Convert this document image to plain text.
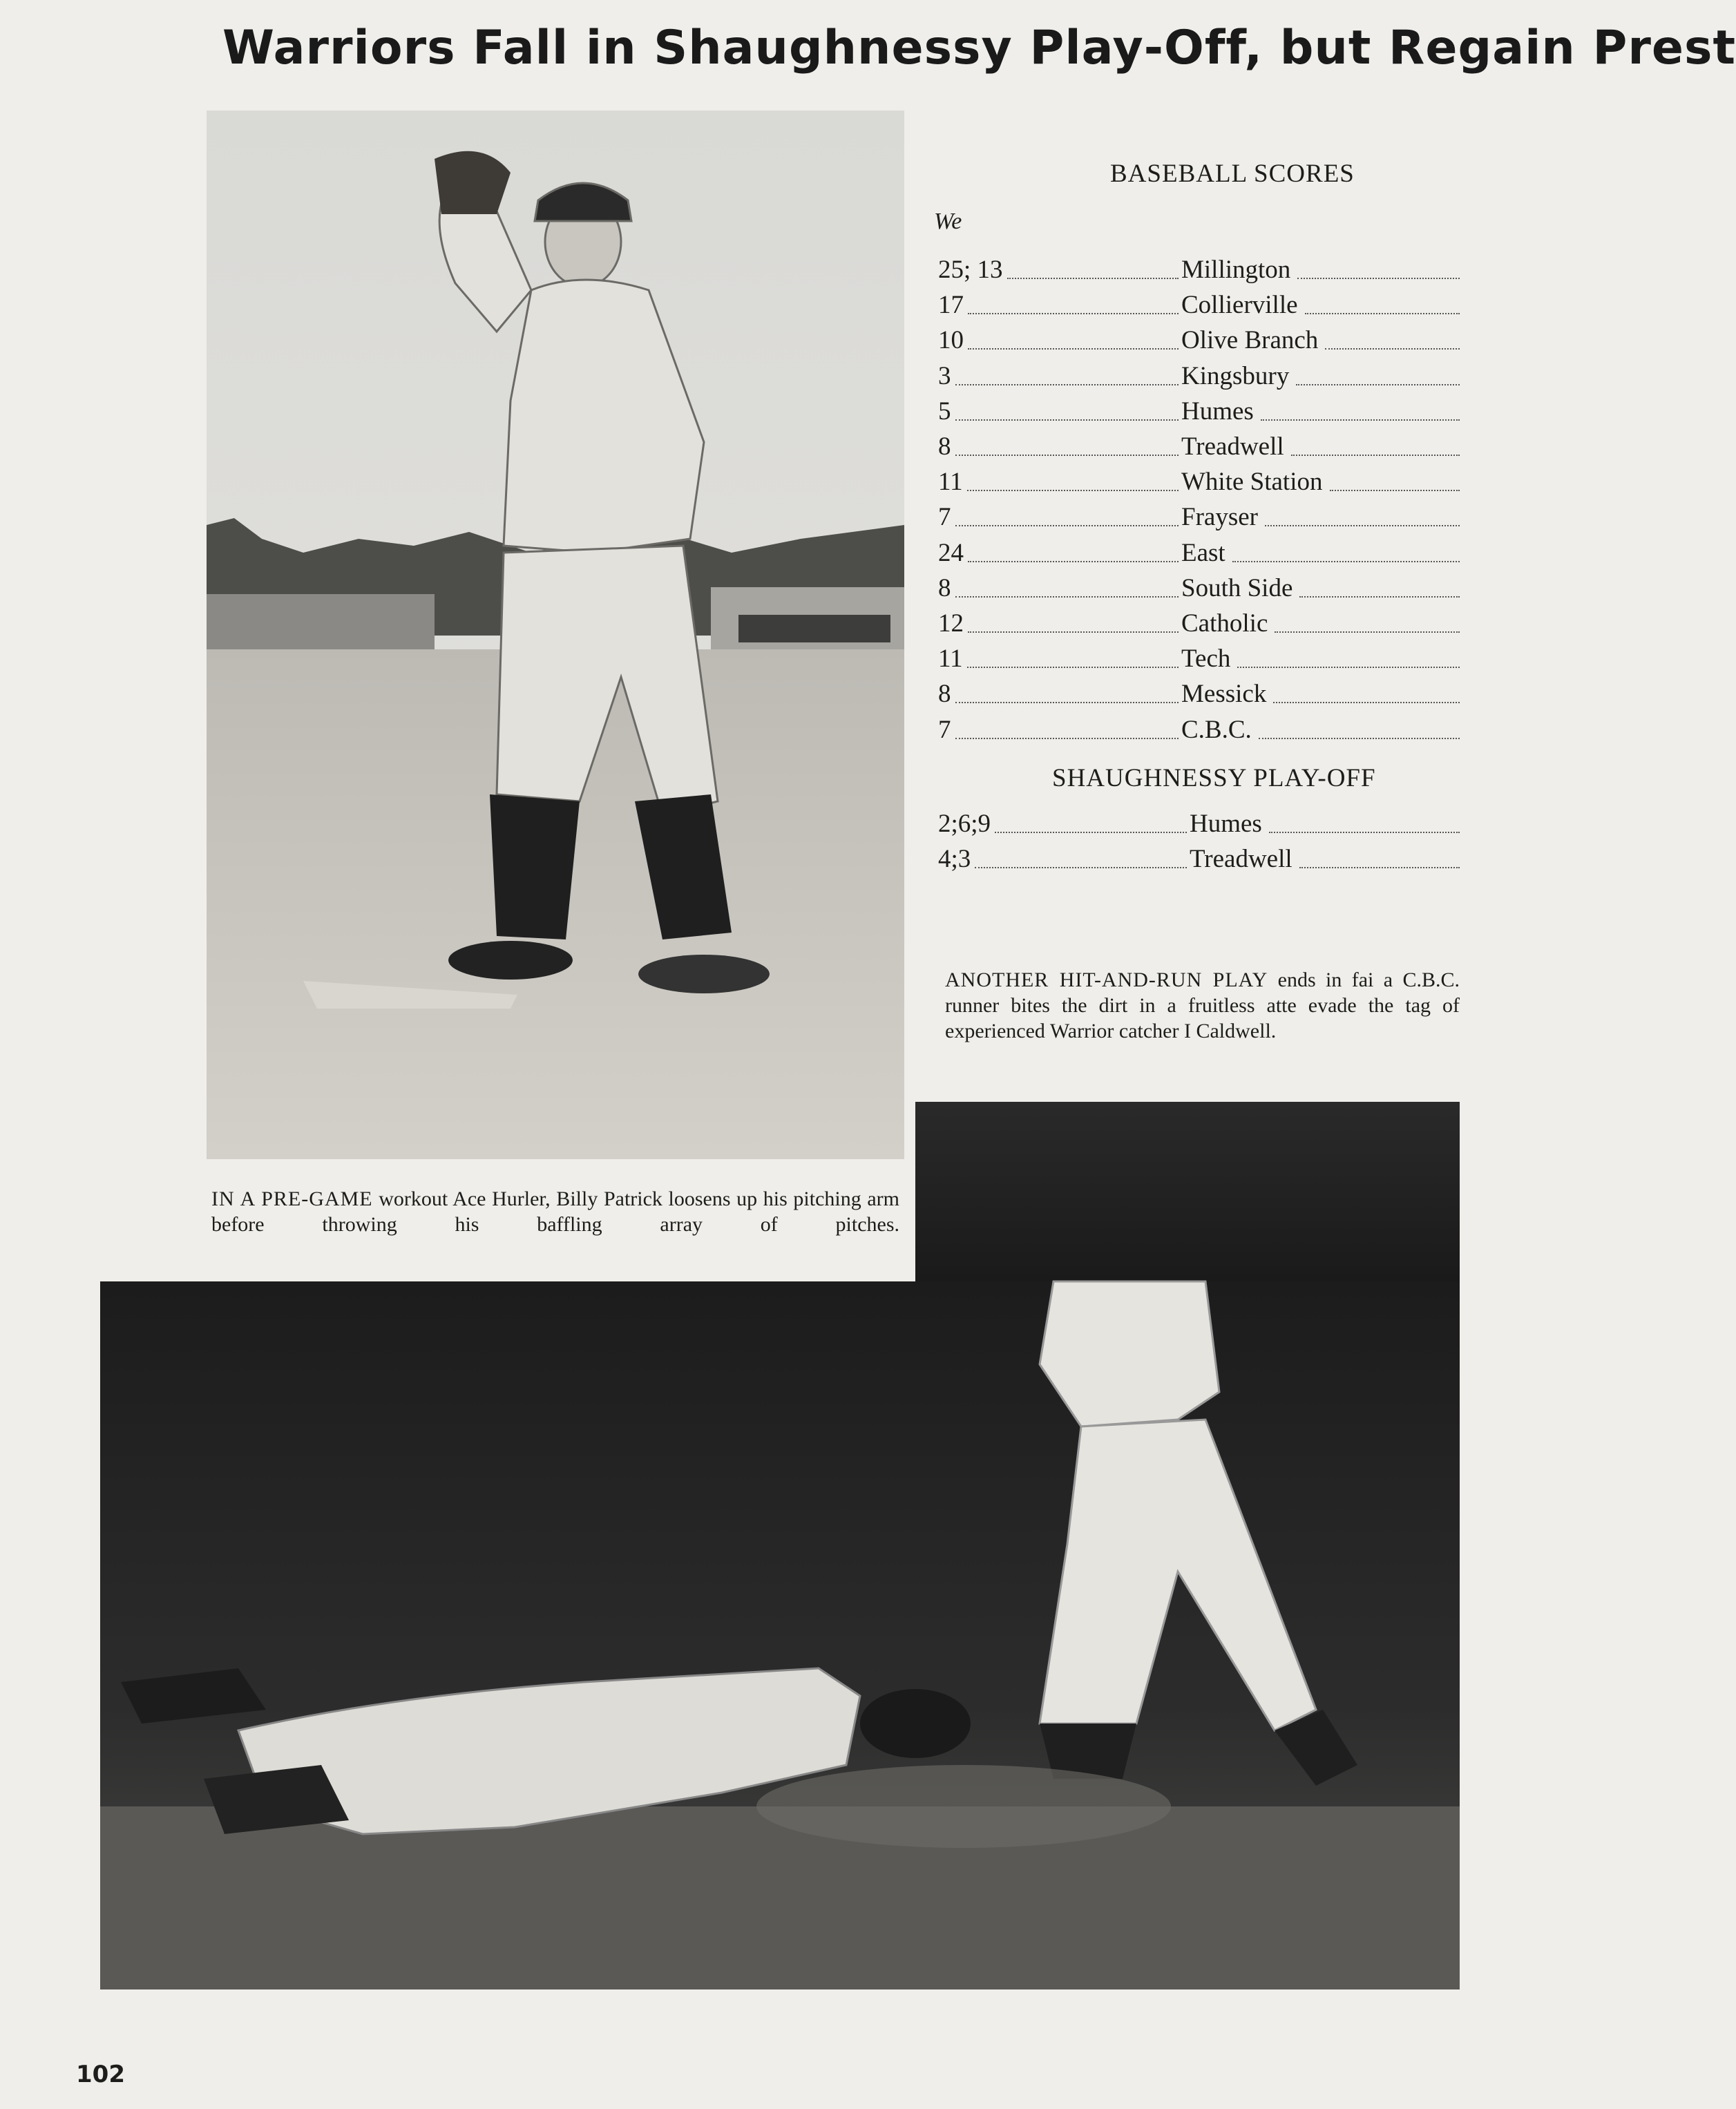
Warriors Fall in Shaughnessy Play-Off, but Regain Prest
IN A PRE-GAME workout Ace Hurler, Billy Patrick loosens up his pitching arm before throwing his baffling array of pitches.
BASEBALL SCORES
We
25; 13	Millington
17	Collierville
10	Olive Branch
3	Kingsbury
5	Humes
8	Treadwell
11	White Station
7	Frayser
24	East
8	South Side
12	Catholic
11	Tech
8	Messick
7	C.B.C.
SHAUGHNESSY PLAY-OFF
2;6;9	Humes
4;3	Treadwell
ANOTHER HIT-AND-RUN PLAY ends in fai a C.B.C. runner bites the dirt in a fruitless atte evade the tag of experienced Warrior catcher I Caldwell.
102
